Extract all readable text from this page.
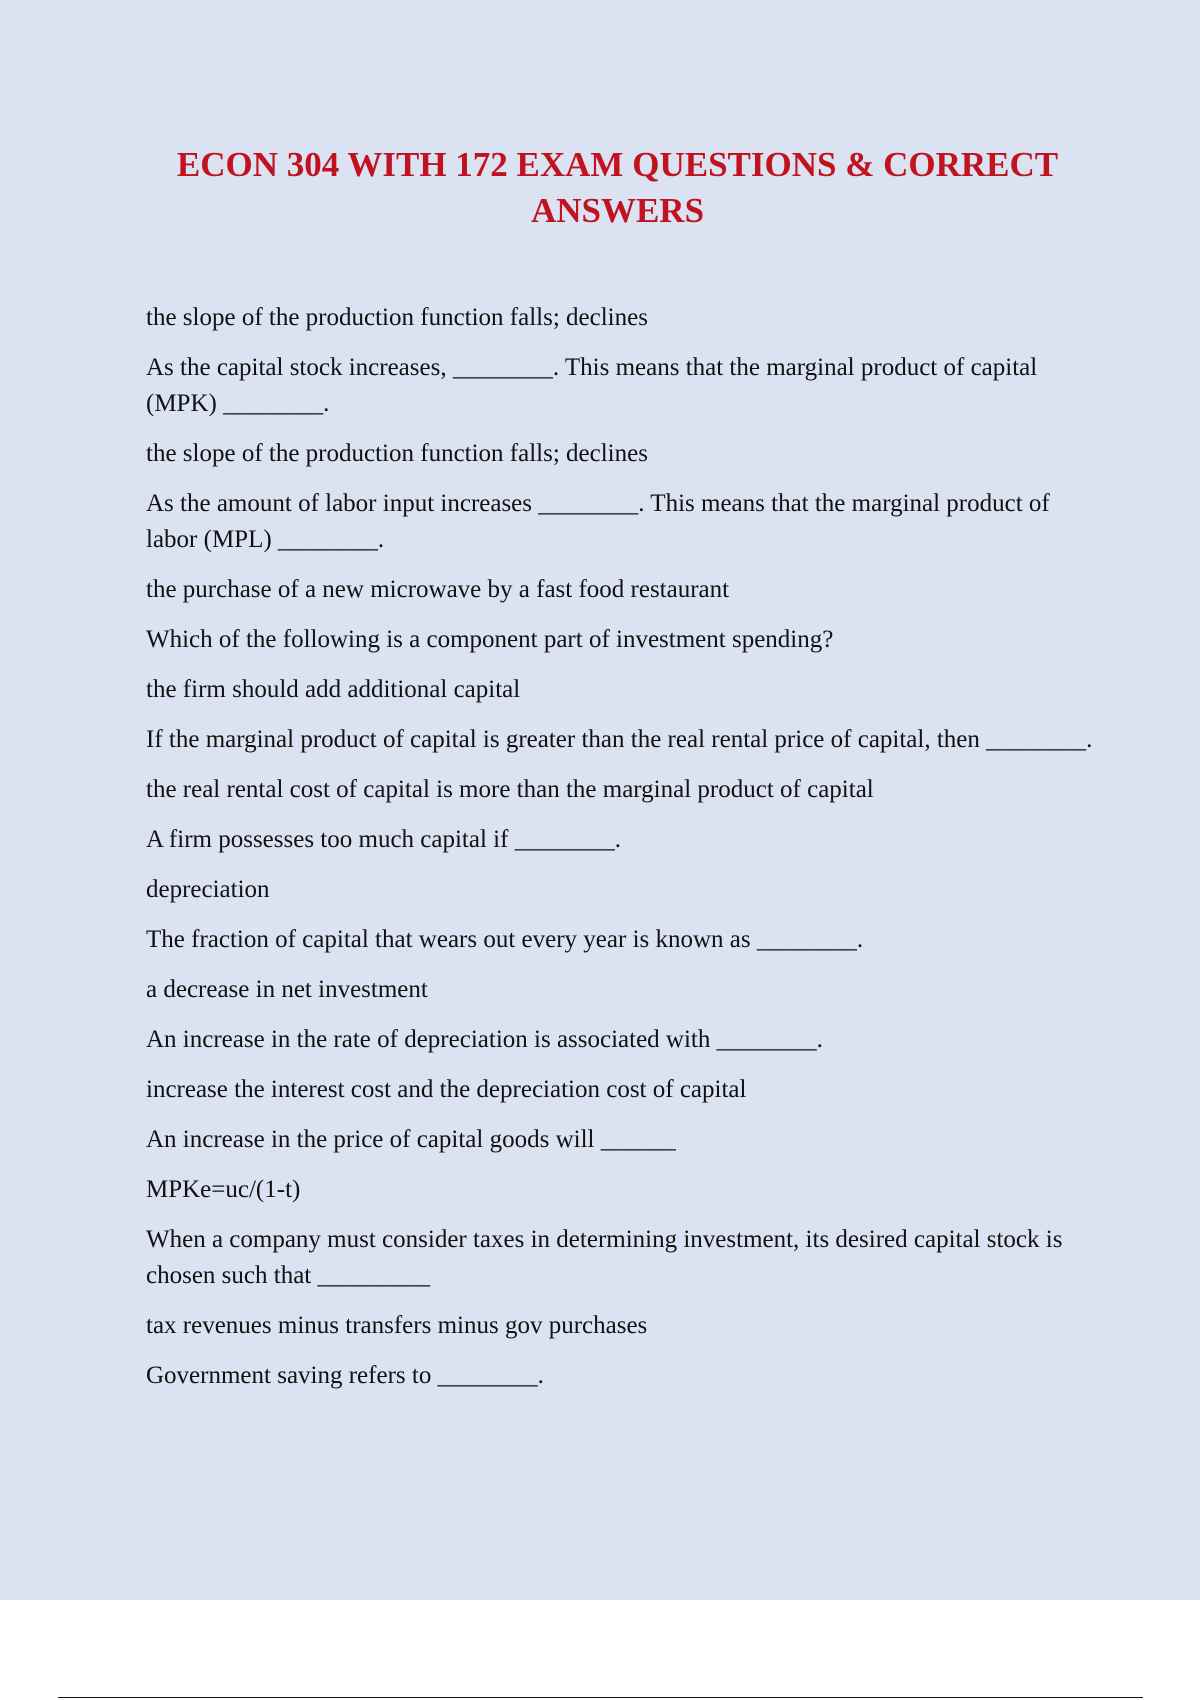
ECON 304 WITH 172 EXAM QUESTIONS & CORRECT ANSWERS

the slope of the production function falls; declines

As the capital stock increases, ________. This means that the marginal product of capital (MPK) ________.

the slope of the production function falls; declines

As the amount of labor input increases ________. This means that the marginal product of labor (MPL) ________.

the purchase of a new microwave by a fast food restaurant

Which of the following is a component part of investment spending?

the firm should add additional capital

If the marginal product of capital is greater than the real rental price of capital, then ________.

the real rental cost of capital is more than the marginal product of capital

A firm possesses too much capital if ________.

depreciation

The fraction of capital that wears out every year is known as ________.

a decrease in net investment

An increase in the rate of depreciation is associated with ________.

increase the interest cost and the depreciation cost of capital

An increase in the price of capital goods will ______

MPKe=uc/(1-t)

When a company must consider taxes in determining investment, its desired capital stock is chosen such that _________

tax revenues minus transfers minus gov purchases

Government saving refers to ________.
